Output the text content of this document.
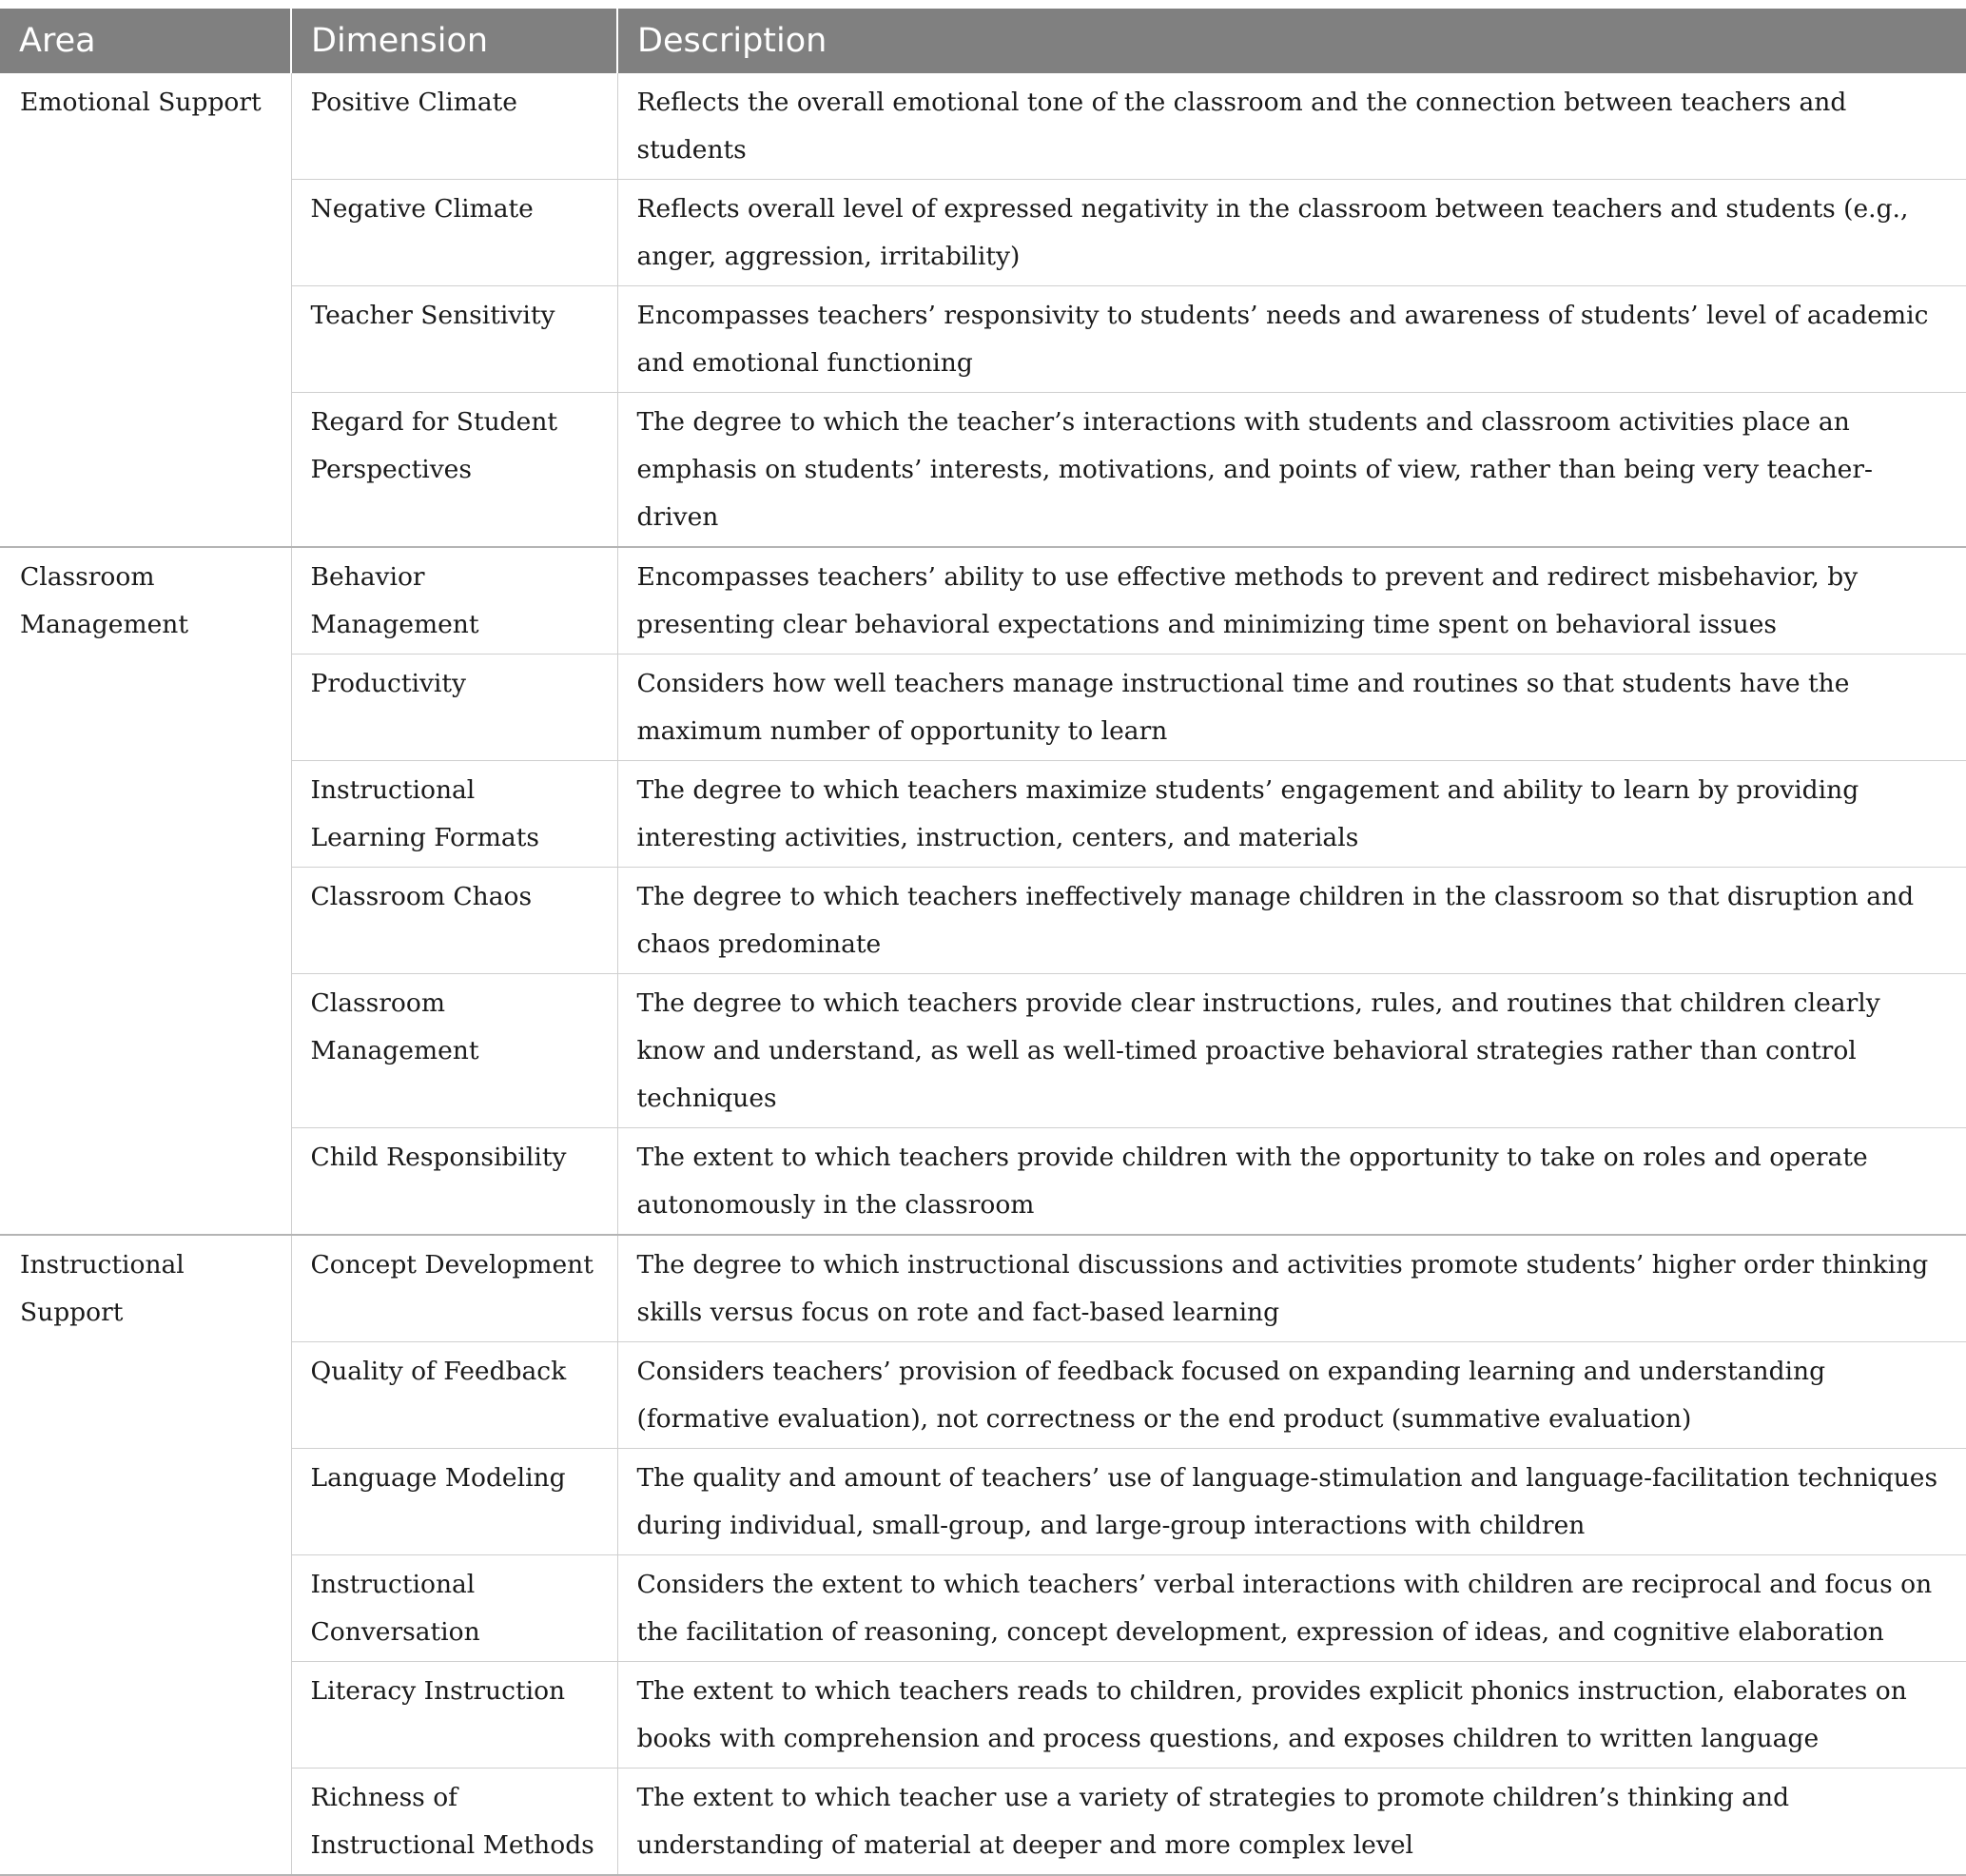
Area	Dimension	Description
Emotional Support	Positive Climate	Reflects the overall emotional tone of the classroom and the connection between teachers and students
	Negative Climate	Reflects overall level of expressed negativity in the classroom between teachers and students (e.g., anger, aggression, irritability)
	Teacher Sensitivity	Encompasses teachers’ responsivity to students’ needs and awareness of students’ level of academic and emotional functioning
	Regard for Student Perspectives	The degree to which the teacher’s interactions with students and classroom activities place an emphasis on students’ interests, motivations, and points of view, rather than being very teacher-driven
Classroom Management	Behavior Management	Encompasses teachers’ ability to use effective methods to prevent and redirect misbehavior, by presenting clear behavioral expectations and minimizing time spent on behavioral issues
	Productivity	Considers how well teachers manage instructional time and routines so that students have the maximum number of opportunity to learn
	Instructional Learning Formats	The degree to which teachers maximize students’ engagement and ability to learn by providing interesting activities, instruction, centers, and materials
	Classroom Chaos	The degree to which teachers ineffectively manage children in the classroom so that disruption and chaos predominate
	Classroom Management	The degree to which teachers provide clear instructions, rules, and routines that children clearly know and understand, as well as well-timed proactive behavioral strategies rather than control techniques
	Child Responsibility	The extent to which teachers provide children with the opportunity to take on roles and operate autonomously in the classroom
Instructional Support	Concept Development	The degree to which instructional discussions and activities promote students’ higher order thinking skills versus focus on rote and fact-based learning
	Quality of Feedback	Considers teachers’ provision of feedback focused on expanding learning and understanding (formative evaluation), not correctness or the end product (summative evaluation)
	Language Modeling	The quality and amount of teachers’ use of language-stimulation and language-facilitation techniques during individual, small-group, and large-group interactions with children
	Instructional Conversation	Considers the extent to which teachers’ verbal interactions with children are reciprocal and focus on the facilitation of reasoning, concept development, expression of ideas, and cognitive elaboration
	Literacy Instruction	The extent to which teachers reads to children, provides explicit phonics instruction, elaborates on books with comprehension and process questions, and exposes children to written language
	Richness of Instructional Methods	The extent to which teacher use a variety of strategies to promote children’s thinking and understanding of material at deeper and more complex level
